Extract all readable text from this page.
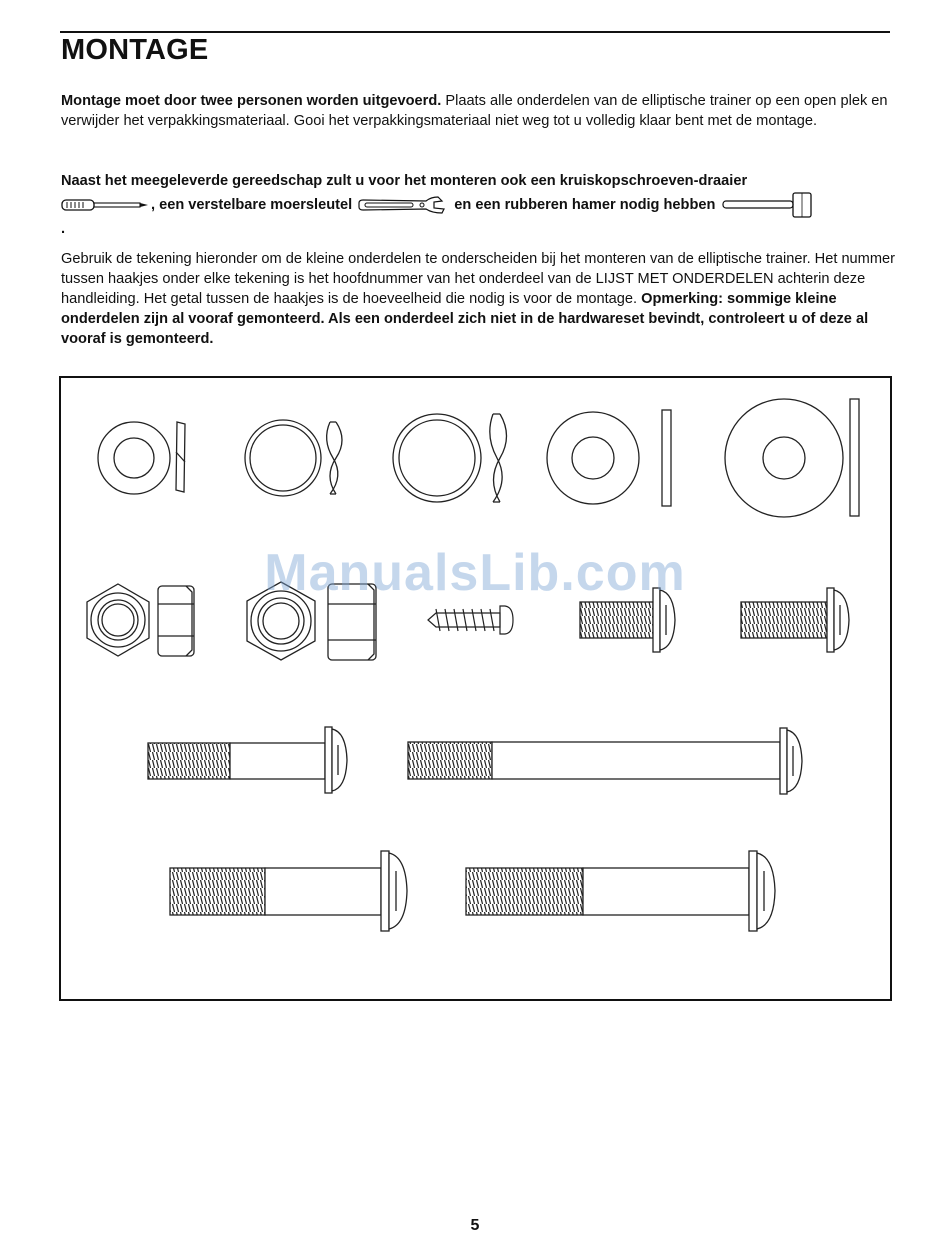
MONTAGE

Montage moet door twee personen worden uitgevoerd. Plaats alle onderdelen van de elliptische trainer op een open plek en verwijder het verpakkingsmateriaal. Gooi het verpakkingsmateriaal niet weg tot u volledig klaar bent met de montage.

Naast het meegeleverde gereedschap zult u voor het monteren ook een kruiskopschroeven-draaier , een verstelbare moersleutel	en een rubberen hamer nodig hebben .

Gebruik de tekening hieronder om de kleine onderdelen te onderscheiden bij het monteren van de elliptische trainer. Het nummer tussen haakjes onder elke tekening is het hoofdnummer van het onderdeel van de LIJST MET ONDERDELEN achterin deze handleiding. Het getal tussen de haakjes is de hoeveelheid die nodig is voor de montage. Opmerking: sommige kleine onderdelen zijn al vooraf gemonteerd. Als een onderdeel zich niet in de hardwareset bevindt, controleert u of deze al vooraf is gemonteerd.

ManualsLib.com
5
